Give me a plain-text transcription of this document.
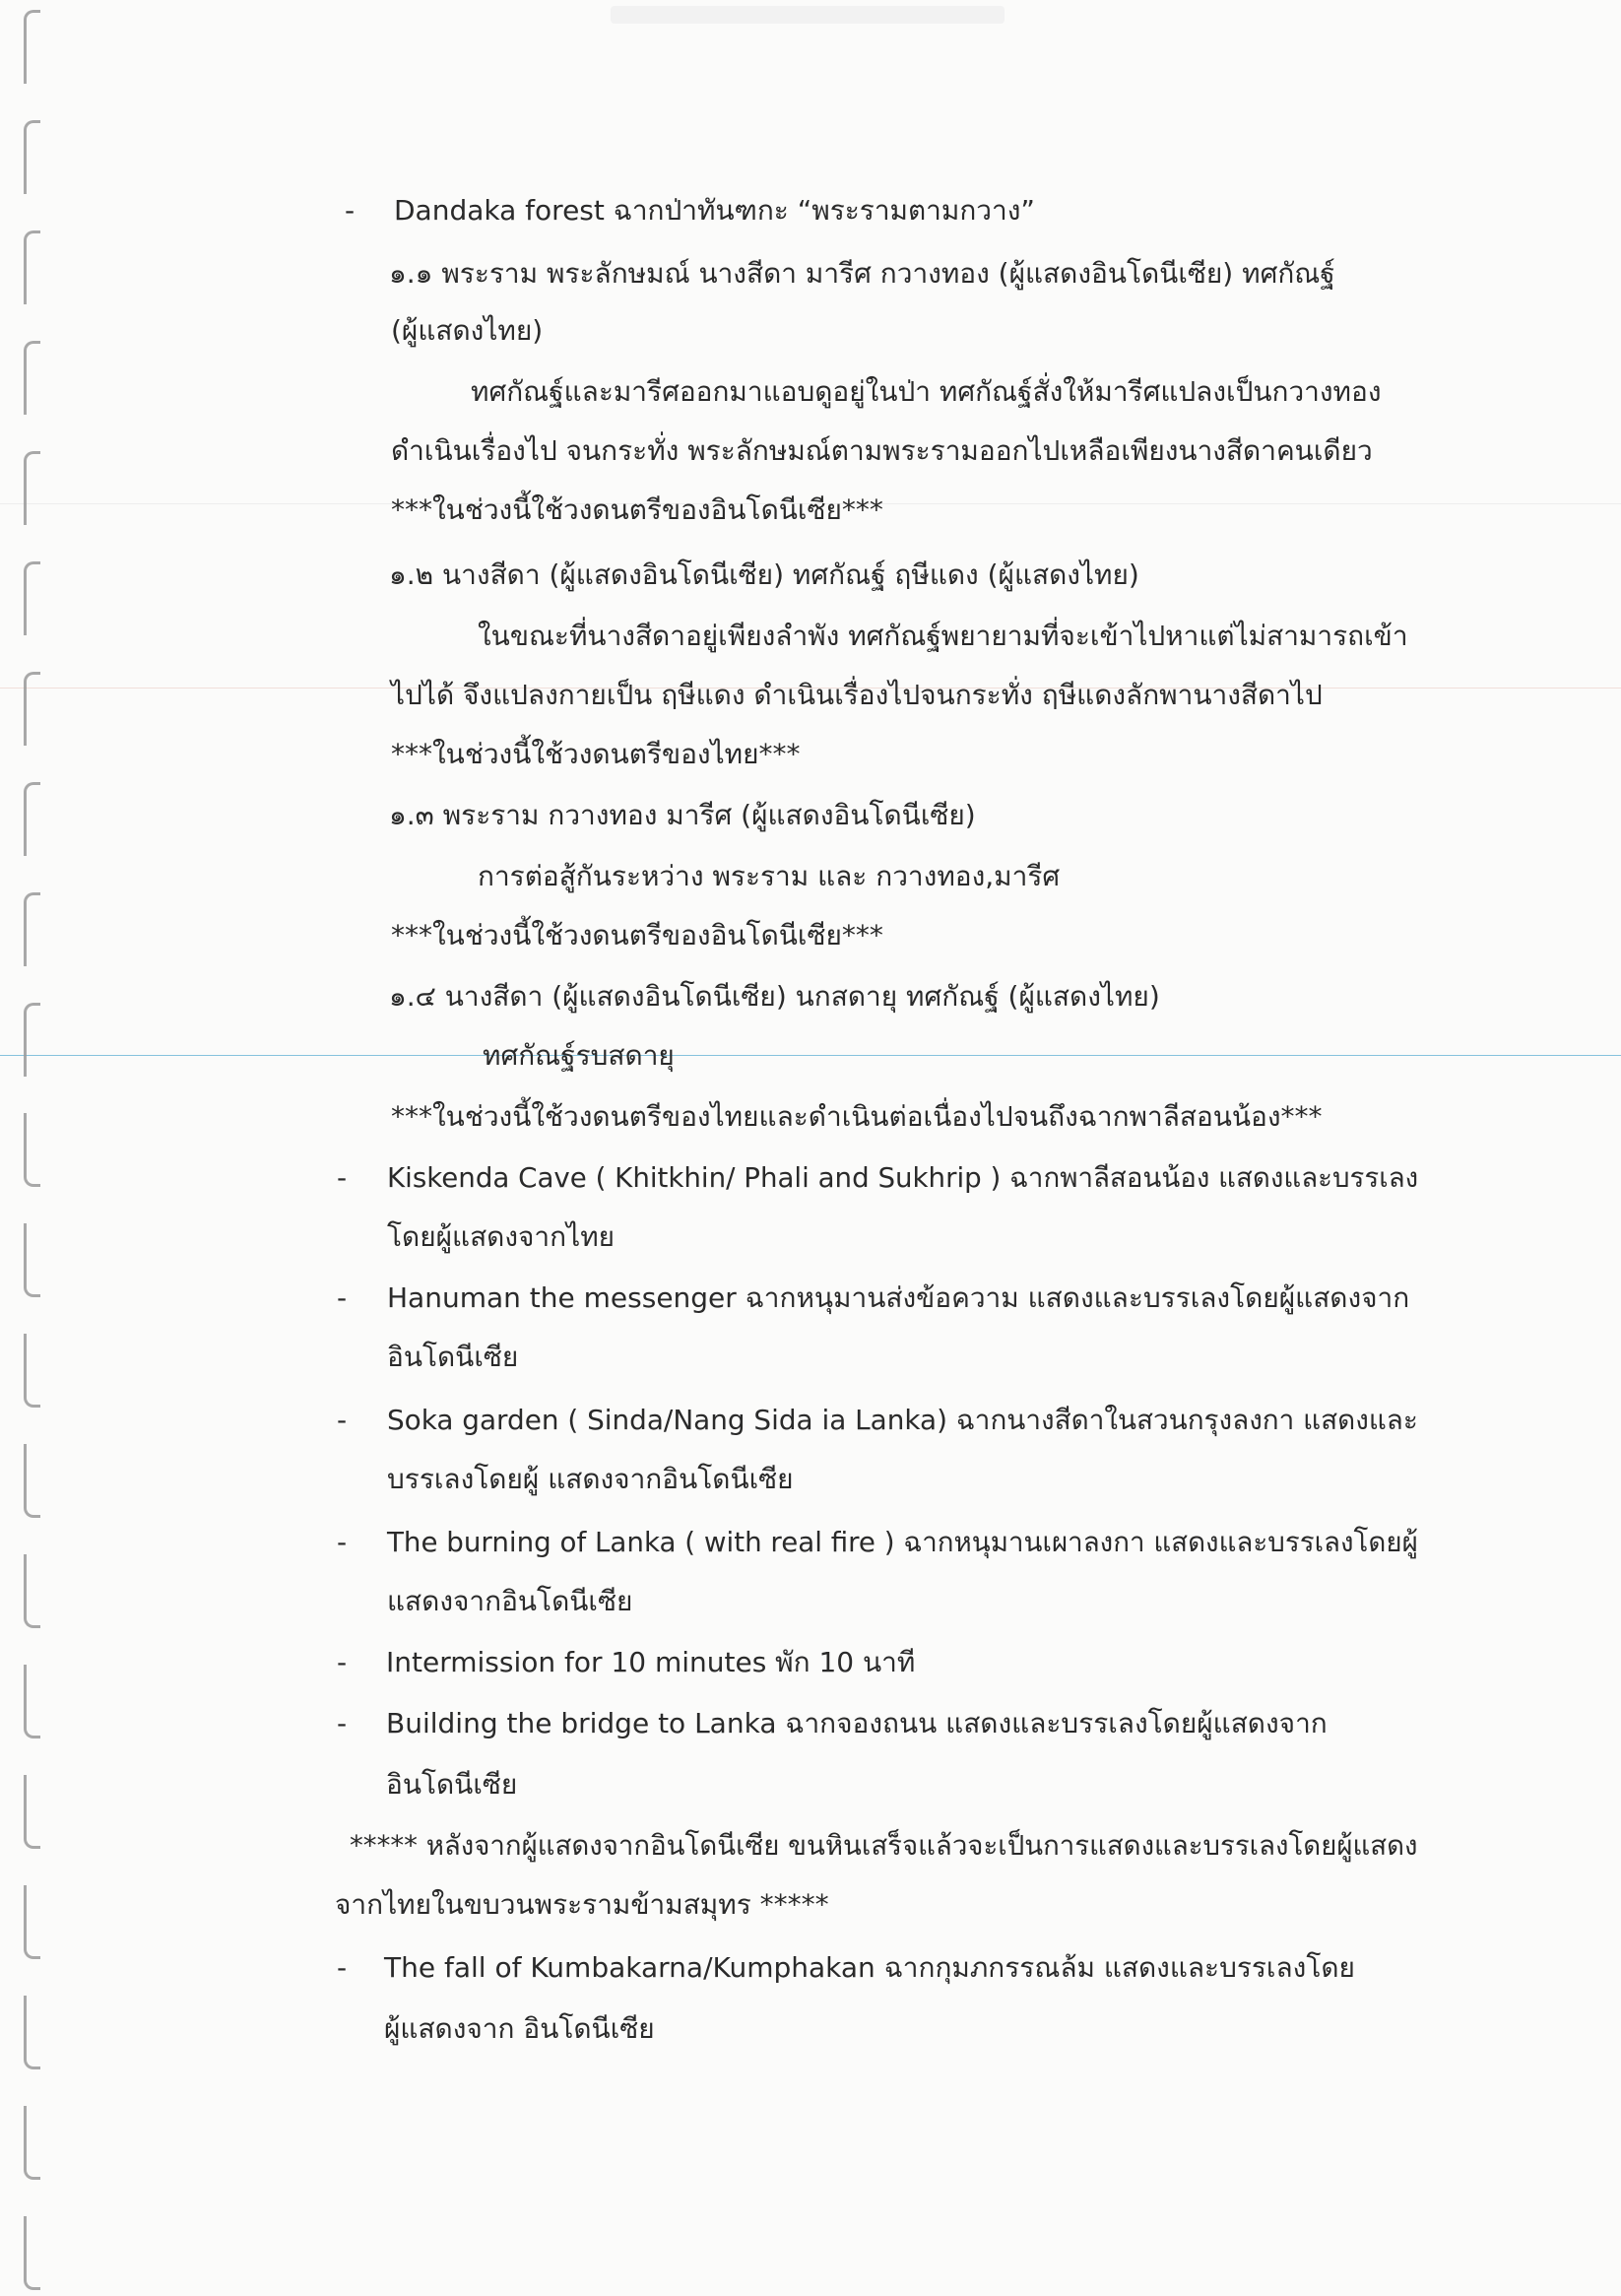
- Dandaka forest ฉากป่าทันฑกะ “พระรามตามกวาง”
๑.๑ พระราม พระลักษมณ์ นางสีดา มารีศ กวางทอง (ผู้แสดงอินโดนีเซีย) ทศกัณฐ์
(ผู้แสดงไทย)
ทศกัณฐ์และมารีศออกมาแอบดูอยู่ในป่า ทศกัณฐ์สั่งให้มารีศแปลงเป็นกวางทอง
ดำเนินเรื่องไป จนกระทั่ง พระลักษมณ์ตามพระรามออกไปเหลือเพียงนางสีดาคนเดียว
***ในช่วงนี้ใช้วงดนตรีของอินโดนีเซีย***
๑.๒ นางสีดา (ผู้แสดงอินโดนีเซีย) ทศกัณฐ์ ฤษีแดง (ผู้แสดงไทย)
ในขณะที่นางสีดาอยู่เพียงลำพัง ทศกัณฐ์พยายามที่จะเข้าไปหาแต่ไม่สามารถเข้า
ไปได้ จึงแปลงกายเป็น ฤษีแดง ดำเนินเรื่องไปจนกระทั่ง ฤษีแดงลักพานางสีดาไป
***ในช่วงนี้ใช้วงดนตรีของไทย***
๑.๓ พระราม กวางทอง มารีศ (ผู้แสดงอินโดนีเซีย)
การต่อสู้กันระหว่าง พระราม และ กวางทอง,มารีศ
***ในช่วงนี้ใช้วงดนตรีของอินโดนีเซีย***
๑.๔ นางสีดา (ผู้แสดงอินโดนีเซีย) นกสดายุ ทศกัณฐ์ (ผู้แสดงไทย)
ทศกัณฐ์รบสดายุ
***ในช่วงนี้ใช้วงดนตรีของไทยและดำเนินต่อเนื่องไปจนถึงฉากพาลีสอนน้อง***
- Kiskenda Cave ( Khitkhin/ Phali and Sukhrip ) ฉากพาลีสอนน้อง แสดงและบรรเลง
โดยผู้แสดงจากไทย
- Hanuman the messenger ฉากหนุมานส่งข้อความ แสดงและบรรเลงโดยผู้แสดงจาก
อินโดนีเซีย
- Soka garden ( Sinda/Nang Sida ia Lanka) ฉากนางสีดาในสวนกรุงลงกา แสดงและ
บรรเลงโดยผู้ แสดงจากอินโดนีเซีย
- The burning of Lanka ( with real fire ) ฉากหนุมานเผาลงกา แสดงและบรรเลงโดยผู้
แสดงจากอินโดนีเซีย
- Intermission for 10 minutes พัก 10 นาที
- Building the bridge to Lanka ฉากจองถนน แสดงและบรรเลงโดยผู้แสดงจาก
อินโดนีเซีย
***** หลังจากผู้แสดงจากอินโดนีเซีย ขนหินเสร็จแล้วจะเป็นการแสดงและบรรเลงโดยผู้แสดง
จากไทยในขบวนพระรามข้ามสมุทร *****
- The fall of Kumbakarna/Kumphakan ฉากกุมภกรรณล้ม แสดงและบรรเลงโดย
ผู้แสดงจาก อินโดนีเซีย
